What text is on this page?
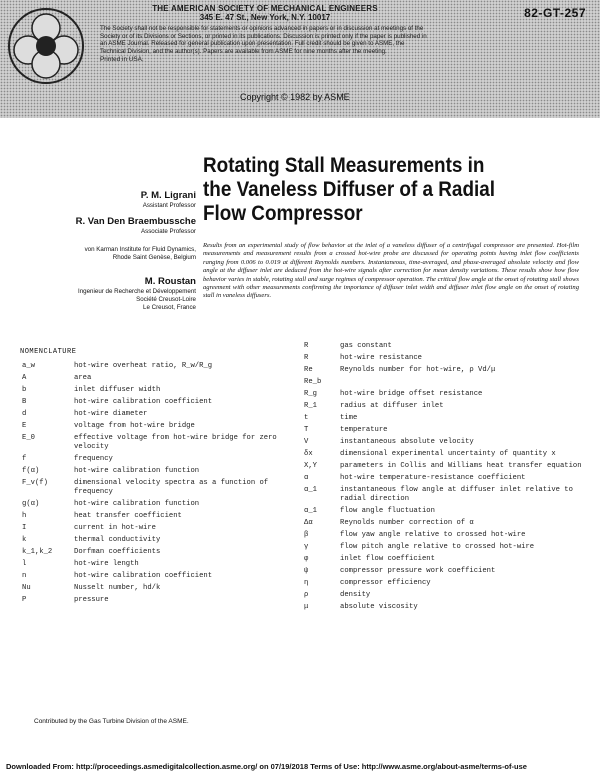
THE AMERICAN SOCIETY OF MECHANICAL ENGINEERS
345 E. 47 St., New York, N.Y. 10017
The Society shall not be responsible for statements or opinions advanced in papers or in discussion at meetings of the Society or of its Divisions or Sections, or printed in its publications. Discussion is printed only if the paper is published in an ASME Journal. Released for general publication upon presentation. Full credit should be given to ASME, the Technical Division, and the author(s). Papers are available from ASME for nine months after the meeting.
Printed in USA.
82-GT-257
Copyright © 1982 by ASME
Rotating Stall Measurements in
the Vaneless Diffuser of a Radial
Flow Compressor
P. M. Ligrani
Assistant Professor
R. Van Den Braembussche
Associate Professor
von Karman Institute for Fluid Dynamics,
Rhode Saint Genèse, Belgium
M. Roustan
Ingenieur de Recherche et Développement
Société Creusot-Loire
Le Creusot, France
Results from an experimental study of flow behavior at the inlet of a vaneless diffuser of a centrifugal compressor are presented. Hot-film measurements and measurement results from a crossed hot-wire probe are discussed for operating points having inlet flow coefficients ranging from 0.006 to 0.019 at different Reynolds numbers. Instantaneous, time-averaged, and phase-averaged absolute velocity and flow angle at the diffuser inlet are deduced from the hot-wire signals after correction for mean density variations. These results show how flow behavior varies in stable, rotating stall and surge regimes of compressor operation. The critical flow angle at the onset of rotating stall shows agreement with other measurements confirming the importance of diffuser inlet width and diffuser inlet flow angle on the onset of rotating stall in vaneless diffusers.
NOMENCLATURE
a_w	hot-wire overheat ratio, R_w/R_g
A	area
b	inlet diffuser width
B	hot-wire calibration coefficient
d	hot-wire diameter
E	voltage from hot-wire bridge
E_0	effective voltage from hot-wire bridge for zero velocity
f	frequency
f(α)	hot-wire calibration function
F_v(f)	dimensional velocity spectra as a function of frequency
g(α)	hot-wire calibration function
h	heat transfer coefficient
I	current in hot-wire
k	thermal conductivity
k_1,k_2	Dorfman coefficients
l	hot-wire length
n	hot-wire calibration coefficient
Nu	Nusselt number, hd/k
P	pressure
R	gas constant
R	hot-wire resistance
Re	Reynolds number for hot-wire, ρ Vd/μ
Re_b
R_g	hot-wire bridge offset resistance
R_1	radius at diffuser inlet
t	time
T	temperature
V	instantaneous absolute velocity
δx	dimensional experimental uncertainty of quantity x
X,Y	parameters in Collis and Williams heat transfer equation
α	hot-wire temperature-resistance coefficient
α_1	instantaneous flow angle at diffuser inlet relative to radial direction
α_1	flow angle fluctuation
Δα	Reynolds number correction of α
β	flow yaw angle relative to crossed hot-wire
γ	flow pitch angle relative to crossed hot-wire
φ	inlet flow coefficient
ψ	compressor pressure work coefficient
η	compressor efficiency
ρ	density
μ	absolute viscosity
Contributed by the Gas Turbine Division of the ASME.
Downloaded From: http://proceedings.asmedigitalcollection.asme.org/ on 07/19/2018 Terms of Use: http://www.asme.org/about-asme/terms-of-use
